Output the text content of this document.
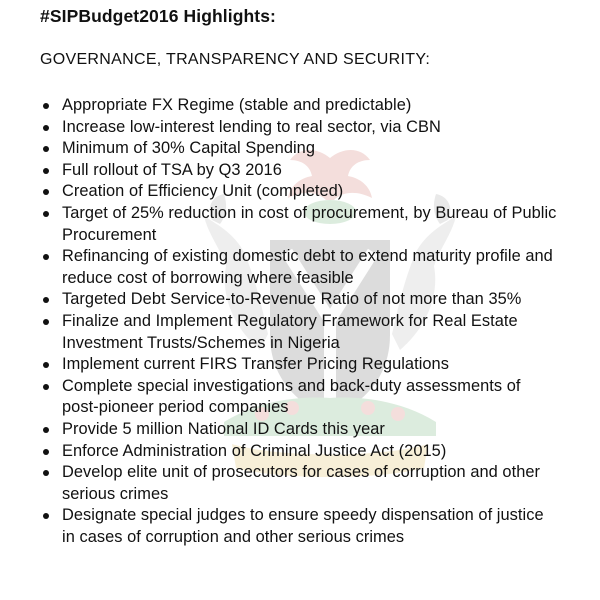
#SIPBudget2016 Highlights:
GOVERNANCE, TRANSPARENCY AND SECURITY:
Appropriate FX Regime (stable and predictable)
Increase low-interest lending to real sector, via CBN
Minimum of 30% Capital Spending
Full rollout of TSA by Q3 2016
Creation of Efficiency Unit (completed)
Target of 25% reduction in cost of procurement, by Bureau of Public Procurement
Refinancing of existing domestic debt to extend maturity profile and reduce cost of borrowing where feasible
Targeted Debt Service-to-Revenue Ratio of not more than 35%
Finalize and Implement Regulatory Framework for Real Estate Investment Trusts/Schemes in Nigeria
Implement current FIRS Transfer Pricing Regulations
Complete special investigations and back-duty assessments of post-pioneer period companies
Provide 5 million National ID Cards this year
Enforce Administration of Criminal Justice Act (2015)
Develop elite unit of prosecutors for cases of corruption and other serious crimes
Designate special judges to ensure speedy dispensation of justice in cases of corruption and other serious crimes
